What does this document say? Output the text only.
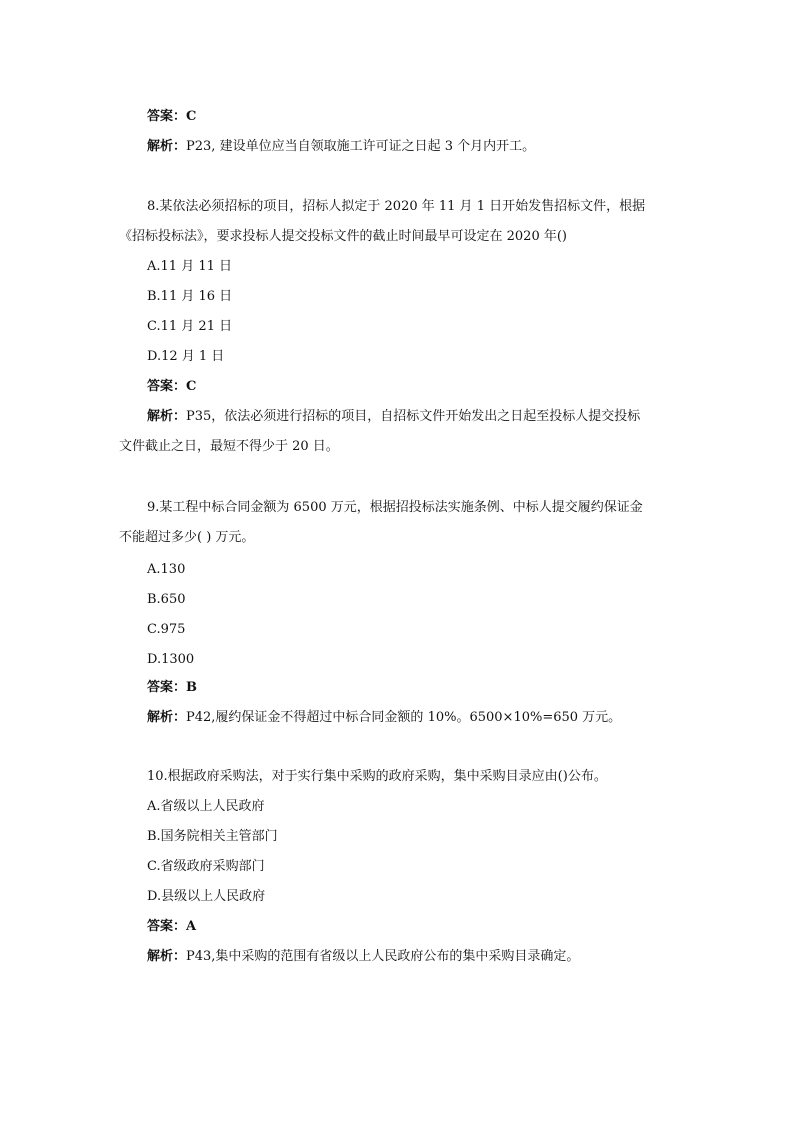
答案：C
解析：P23, 建设单位应当自领取施工许可证之日起 3 个月内开工。
8.某依法必须招标的项目，招标人拟定于 2020 年 11 月 1 日开始发售招标文件，根据
《招标投标法》，要求投标人提交投标文件的截止时间最早可设定在 2020 年()
A.11 月 11 日
B.11 月 16 日
C.11 月 21 日
D.12 月 1 日
答案：C
解析：P35，依法必须进行招标的项目，自招标文件开始发出之日起至投标人提交投标
文件截止之日，最短不得少于 20 日。
9.某工程中标合同金额为 6500 万元，根据招投标法实施条例、中标人提交履约保证金
不能超过多少( ) 万元。
A.130
B.650
C.975
D.1300
答案：B
解析：P42,履约保证金不得超过中标合同金额的 10%。6500×10%=650 万元。
10.根据政府采购法，对于实行集中采购的政府采购，集中采购目录应由()公布。
A.省级以上人民政府
B.国务院相关主管部门
C.省级政府采购部门
D.县级以上人民政府
答案：A
解析：P43,集中采购的范围有省级以上人民政府公布的集中采购目录确定。
